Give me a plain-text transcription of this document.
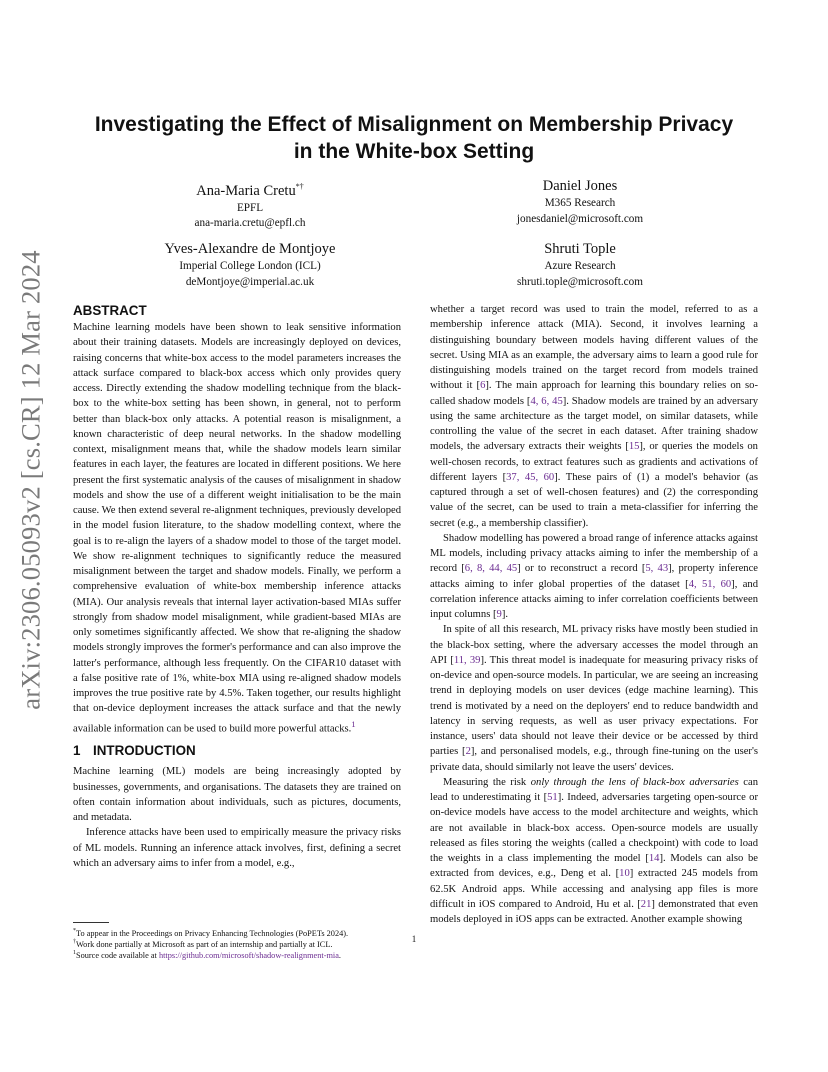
arXiv:2306.05093v2 [cs.CR] 12 Mar 2024
Investigating the Effect of Misalignment on Membership Privacy
in the White-box Setting
Ana-Maria Cretu*†
EPFL
ana-maria.cretu@epfl.ch
Daniel Jones
M365 Research
jonesdaniel@microsoft.com
Yves-Alexandre de Montjoye
Imperial College London (ICL)
deMontjoye@imperial.ac.uk
Shruti Tople
Azure Research
shruti.tople@microsoft.com
ABSTRACT

Machine learning models have been shown to leak sensitive information about their training datasets. Models are increasingly deployed on devices, raising concerns that white-box access to the model parameters increases the attack surface compared to black-box access which only provides query access. Directly extending the shadow modelling technique from the black-box to the white-box setting has been shown, in general, not to perform better than black-box only attacks. A potential reason is misalignment, a known characteristic of deep neural networks. In the shadow modelling context, misalignment means that, while the shadow models learn similar features in each layer, the features are located in different positions. We here present the first systematic analysis of the causes of misalignment in shadow models and show the use of a different weight initialisation to be the main cause. We then extend several re-alignment techniques, previously developed in the model fusion literature, to the shadow modelling context, where the goal is to re-align the layers of a shadow model to those of the target model. We show re-alignment techniques to significantly reduce the measured misalignment between the target and shadow models. Finally, we perform a comprehensive evaluation of white-box membership inference attacks (MIA). Our analysis reveals that internal layer activation-based MIAs suffer strongly from shadow model misalignment, while gradient-based MIAs are only sometimes significantly affected. We show that re-aligning the shadow models strongly improves the former's performance and can also improve the latter's performance, although less frequently. On the CIFAR10 dataset with a false positive rate of 1%, white-box MIA using re-aligned shadow models improves the true positive rate by 4.5%. Taken together, our results highlight that on-device deployment increases the attack surface and that the newly available information can be used to build more powerful attacks.$^1$

1 INTRODUCTION

Machine learning (ML) models are being increasingly adopted by businesses, governments, and organisations. The datasets they are trained on often contain information about individuals, such as pictures, documents, and metadata.

Inference attacks have been used to empirically measure the privacy risks of ML models. Running an inference attack involves, first, defining a secret which an adversary aims to infer from a model, e.g.,

whether a target record was used to train the model, referred to as a membership inference attack (MIA). Second, it involves learning a distinguishing boundary between models having different values of the secret. Using MIA as an example, the adversary aims to learn a good rule for distinguishing models trained on the target record from models trained without it [6]. The main approach for learning this boundary relies on so-called shadow models [4, 6, 45]. Shadow models are trained by an adversary using the same architecture as the target model, on similar datasets, while controlling the value of the secret in each dataset. After training shadow models, the adversary extracts their weights [15], or queries the models on well-chosen records, to extract features such as gradients and activations of different layers [37, 45, 60]. These pairs of (1) a model's behavior (as captured through a set of well-chosen features) and (2) the corresponding value of the secret, can be used to train a meta-classifier for inferring the secret (e.g., a membership classifier).

Shadow modelling has powered a broad range of inference attacks against ML models, including privacy attacks aiming to infer the membership of a record [6, 8, 44, 45] or to reconstruct a record [5, 43], property inference attacks aiming to infer global properties of the dataset [4, 51, 60], and correlation inference attacks aiming to infer correlation coefficients between input columns [9].

In spite of all this research, ML privacy risks have mostly been studied in the black-box setting, where the adversary accesses the model through an API [11, 39]. This threat model is inadequate for measuring privacy risks of on-device and open-source models. In particular, we are seeing an increasing trend in deploying models on user devices (edge machine learning). This trend is motivated by a need on the deployers' end to reduce bandwidth and latency in serving requests, as well as user privacy expectations. For instance, users' data should not leave their device or be accessed by third parties [2], and personalised models, e.g., through fine-tuning on the user's private data, should similarly not leave the users' devices.

Measuring the risk only through the lens of black-box adversaries can lead to underestimating it [51]. Indeed, adversaries targeting open-source or on-device models have access to the model architecture and weights, which are not available in black-box access. Open-source models are usually released as files storing the weights (called a checkpoint) with code to load the weights in a class implementing the model [14]. Models can also be extracted from devices, e.g., Deng et al. [10] extracted 245 models from 62.5K Android apps. While accessing and analysing app files is more difficult in iOS compared to Android, Hu et al. [21] demonstrated that even models deployed in iOS apps can be extracted. Another example showing

*To appear in the Proceedings on Privacy Enhancing Technologies (PoPETs 2024).
†Work done partially at Microsoft as part of an internship and partially at ICL.
$^1$Source code available at https://github.com/microsoft/shadow-realignment-mia.
1
